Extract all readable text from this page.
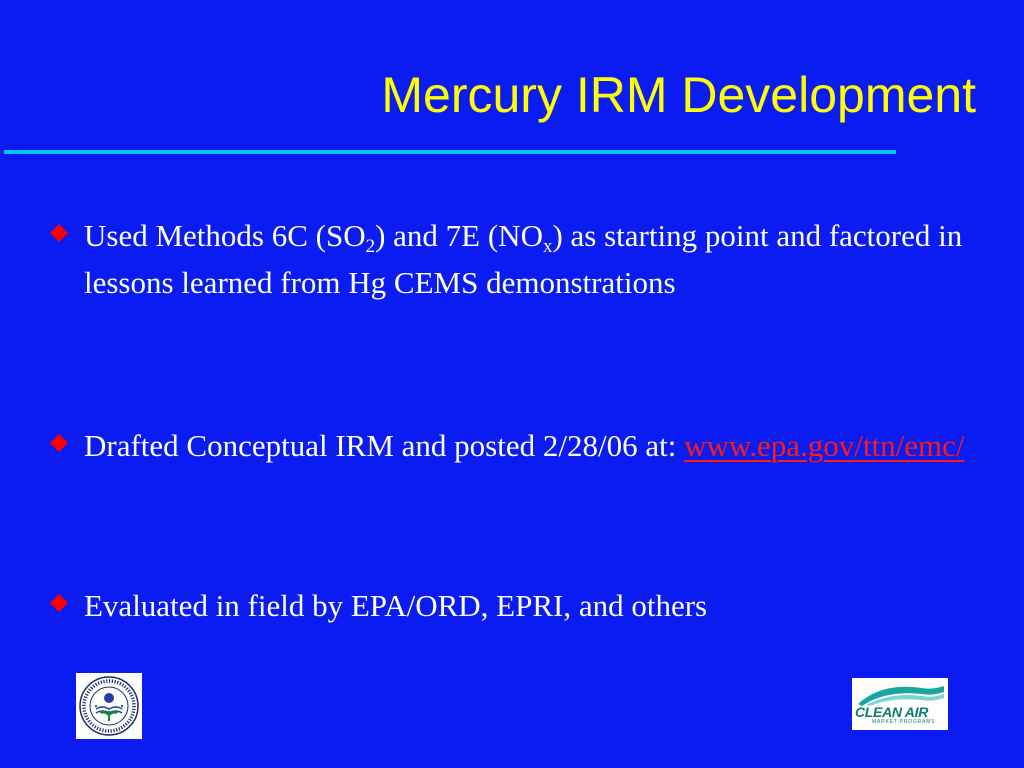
Mercury IRM Development
Used Methods 6C $(SO_2)$ and 7E $(NO_x)$ as starting point and factored in lessons learned from Hg CEMS demonstrations
Drafted Conceptual IRM and posted 2/28/06 at: www.epa.gov/ttn/emc/
Evaluated in field by EPA/ORD, EPRI, and others
CLEAN AIR
MARKET PROGRAMS
